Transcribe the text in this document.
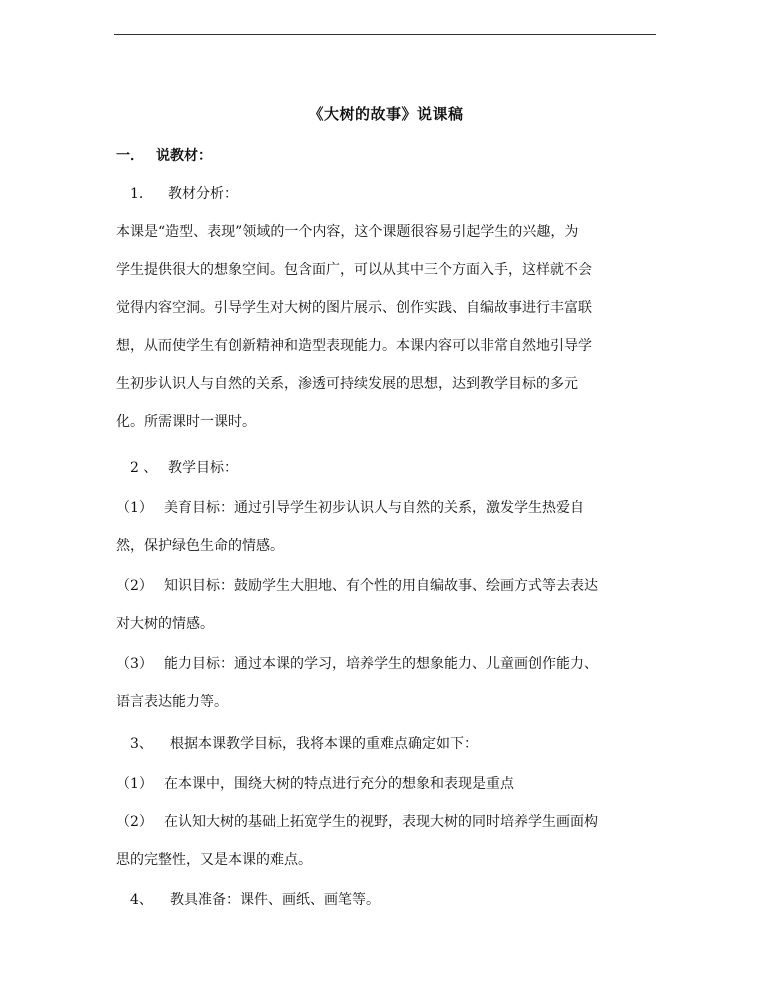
《大树的故事》说课稿
一． 说教材：
1． 教材分析：
本课是“造型、表现”领域的一个内容，这个课题很容易引起学生的兴趣，为
学生提供很大的想象空间。包含面广，可以从其中三个方面入手，这样就不会
觉得内容空洞。引导学生对大树的图片展示、创作实践、自编故事进行丰富联
想，从而使学生有创新精神和造型表现能力。本课内容可以非常自然地引导学
生初步认识人与自然的关系，渗透可持续发展的思想，达到教学目标的多元
化。所需课时一课时。
2 、 教学目标：
（1） 美育目标：通过引导学生初步认识人与自然的关系，激发学生热爱自
然，保护绿色生命的情感。
（2） 知识目标：鼓励学生大胆地、有个性的用自编故事、绘画方式等去表达
对大树的情感。
（3） 能力目标：通过本课的学习，培养学生的想象能力、儿童画创作能力、
语言表达能力等。
3、 根据本课教学目标，我将本课的重难点确定如下：
（1） 在本课中，围绕大树的特点进行充分的想象和表现是重点
（2） 在认知大树的基础上拓宽学生的视野，表现大树的同时培养学生画面构
思的完整性，又是本课的难点。
4、 教具准备：课件、画纸、画笔等。
